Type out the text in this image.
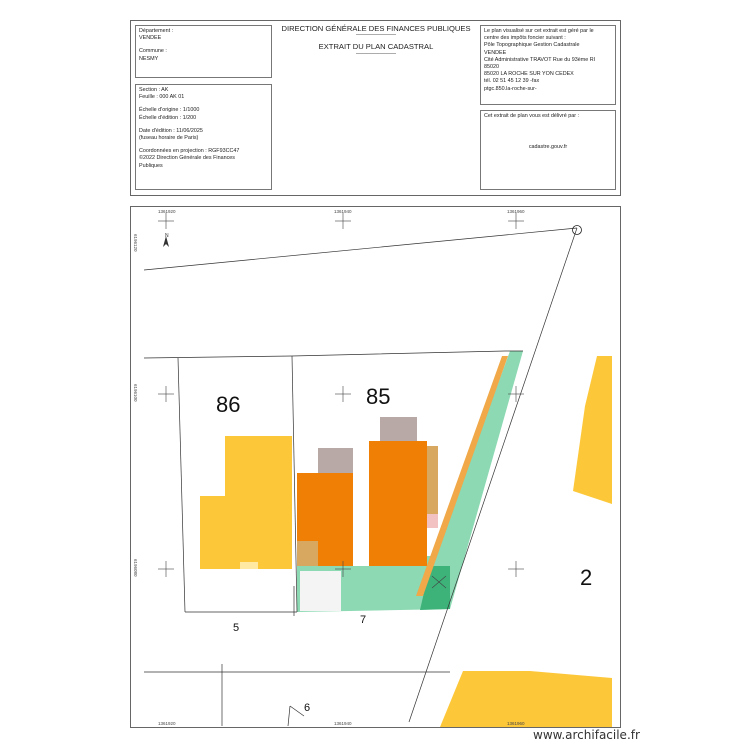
DIRECTION GÉNÉRALE DES FINANCES PUBLIQUES
--------------------
EXTRAIT DU PLAN CADASTRAL
--------------------
Département :
VENDEE
Commune :
NESMY
Section : AK
Feuille : 000 AK 01
Échelle d'origine : 1/1000
Échelle d'édition : 1/200
Date d'édition : 11/06/2025
(fuseau horaire de Paris)
Coordonnées en projection : RGF93CC47
©2022 Direction Générale des Finances
Publiques
Le plan visualisé sur cet extrait est géré par le
centre des impôts foncier suivant :
Pôle Topographique Gestion Cadastrale
VENDEE
Cité Administrative TRAVOT Rue du 93ème RI
85020
85020 LA ROCHE SUR YON CEDEX
tél. 02 51 45 12 39 -fax
ptgc.850.la-roche-sur-
Cet extrait de plan vous est délivré par :
cadastre.gouv.fr
N
1361920	1361940	1361960
1361920	1361940	1361960
6196120
6196100
6196080
86	85
2
5
7
6
www.archifacile.fr
